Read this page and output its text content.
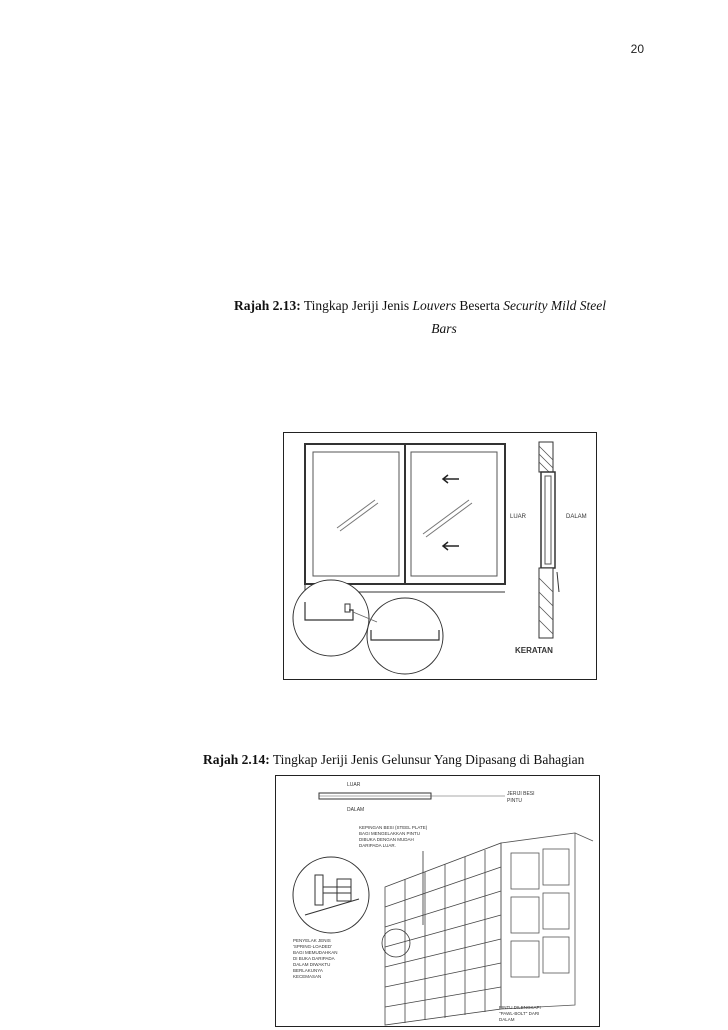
20
Rajah 2.13: Tingkap Jeriji Jenis Louvers Beserta Security Mild Steel
Bars
LUAR	DALAM
KERATAN
Rajah 2.14: Tingkap Jeriji Jenis Gelunsur Yang Dipasang di Bahagian
LUAR
DALAM
JERIJI BESI
PINTU
KEPINGAN BESI (STEEL PLATE)
BAGI MENGELAKKAN PINTU
DIBUKA DENGAN MUDAH
DARIPADA LUAR.
PENYELAK JENIS
'SPRING-LOADED'
BAGI MEMUDAHKAN
DI BUKA DARIPADA
DALAM DIWAKTU
BERLAKUNYA
KECEMASAN
PINTU DILENGKAPI
"PAWL-BOLT" DARI
DALAM
